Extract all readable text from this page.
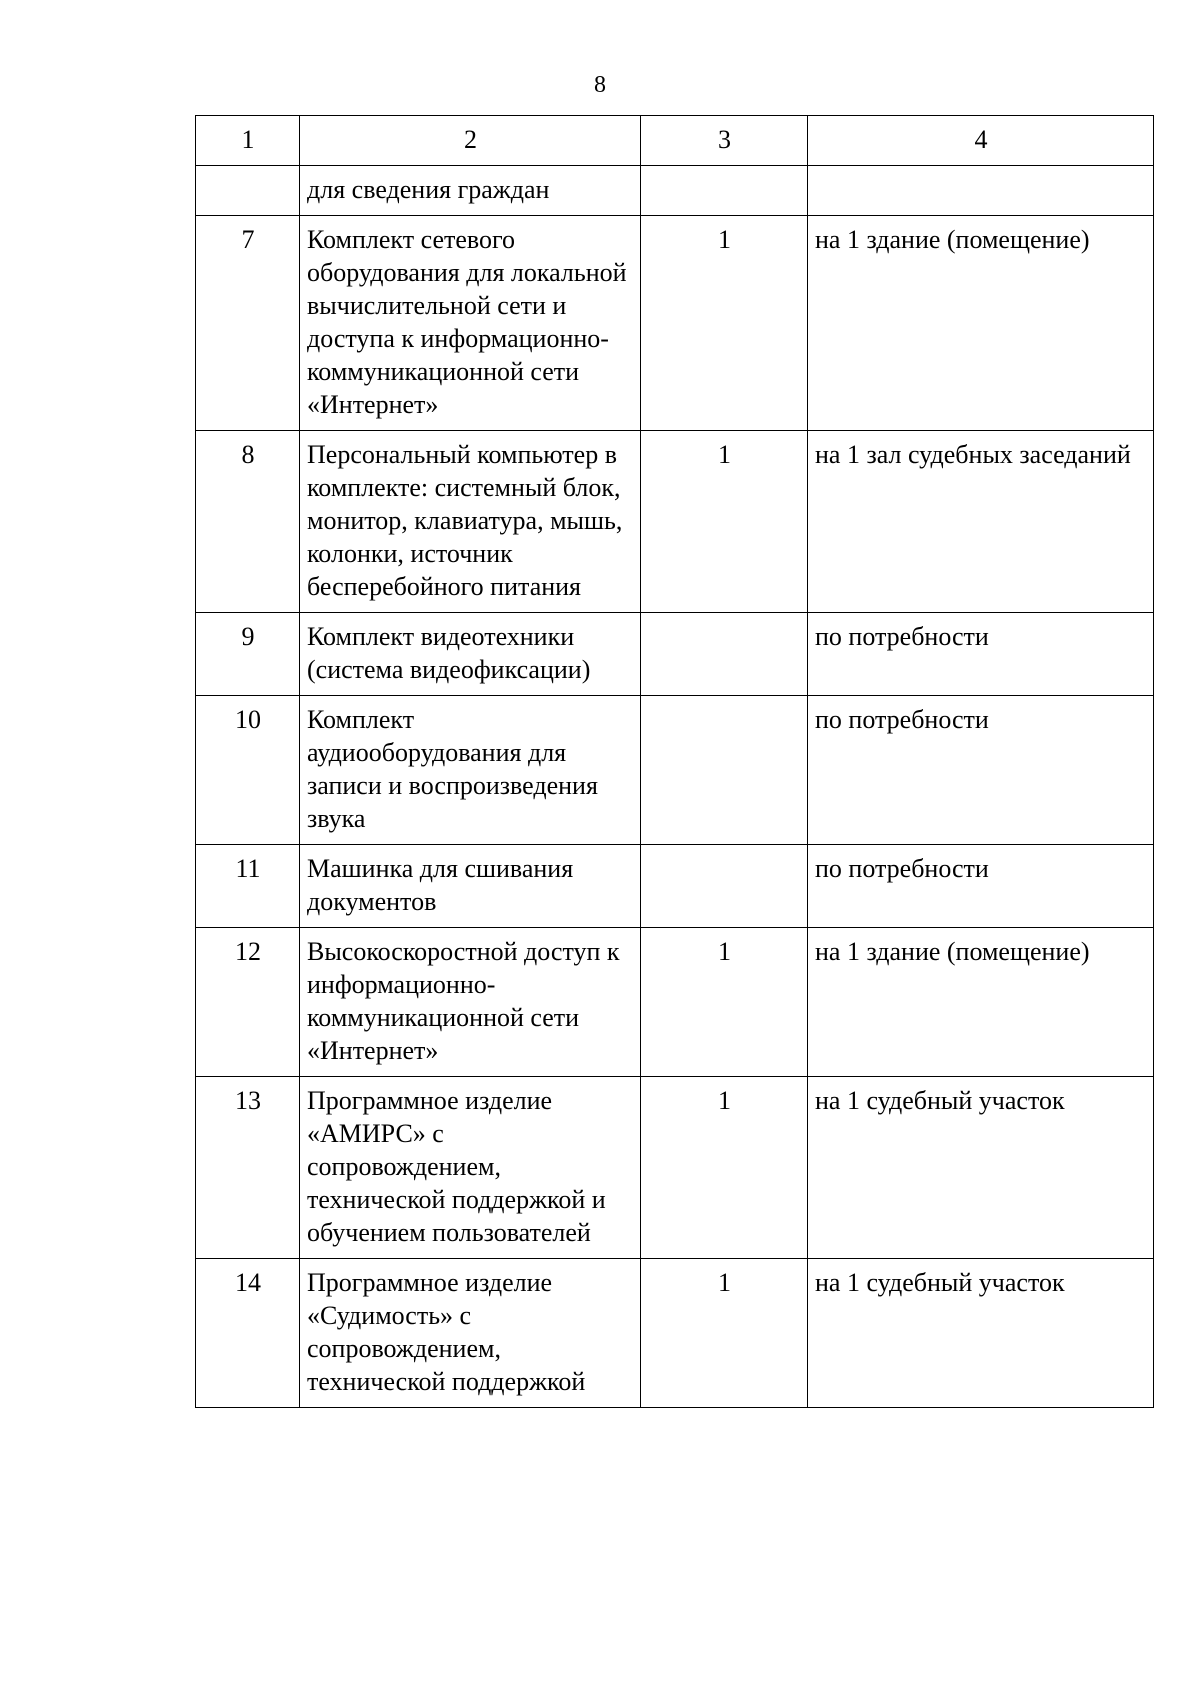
8
1	2	3	4
	для сведения граждан		
7	Комплект сетевого оборудования для локальной вычислительной сети и доступа к информационно-коммуникационной сети «Интернет»	1	на 1 здание (помещение)
8	Персональный компьютер в комплекте: системный блок, монитор, клавиатура, мышь, колонки, источник бесперебойного питания	1	на 1 зал судебных заседаний
9	Комплект видеотехники (система видеофиксации)		по потребности
10	Комплект аудиооборудования для записи и воспроизведения звука		по потребности
11	Машинка для сшивания документов		по потребности
12	Высокоскоростной доступ к информационно-коммуникационной сети «Интернет»	1	на 1 здание (помещение)
13	Программное изделие «АМИРС» с сопровождением, технической поддержкой и обучением пользователей	1	на 1 судебный участок
14	Программное изделие «Судимость» с сопровождением, технической поддержкой	1	на 1 судебный участок
